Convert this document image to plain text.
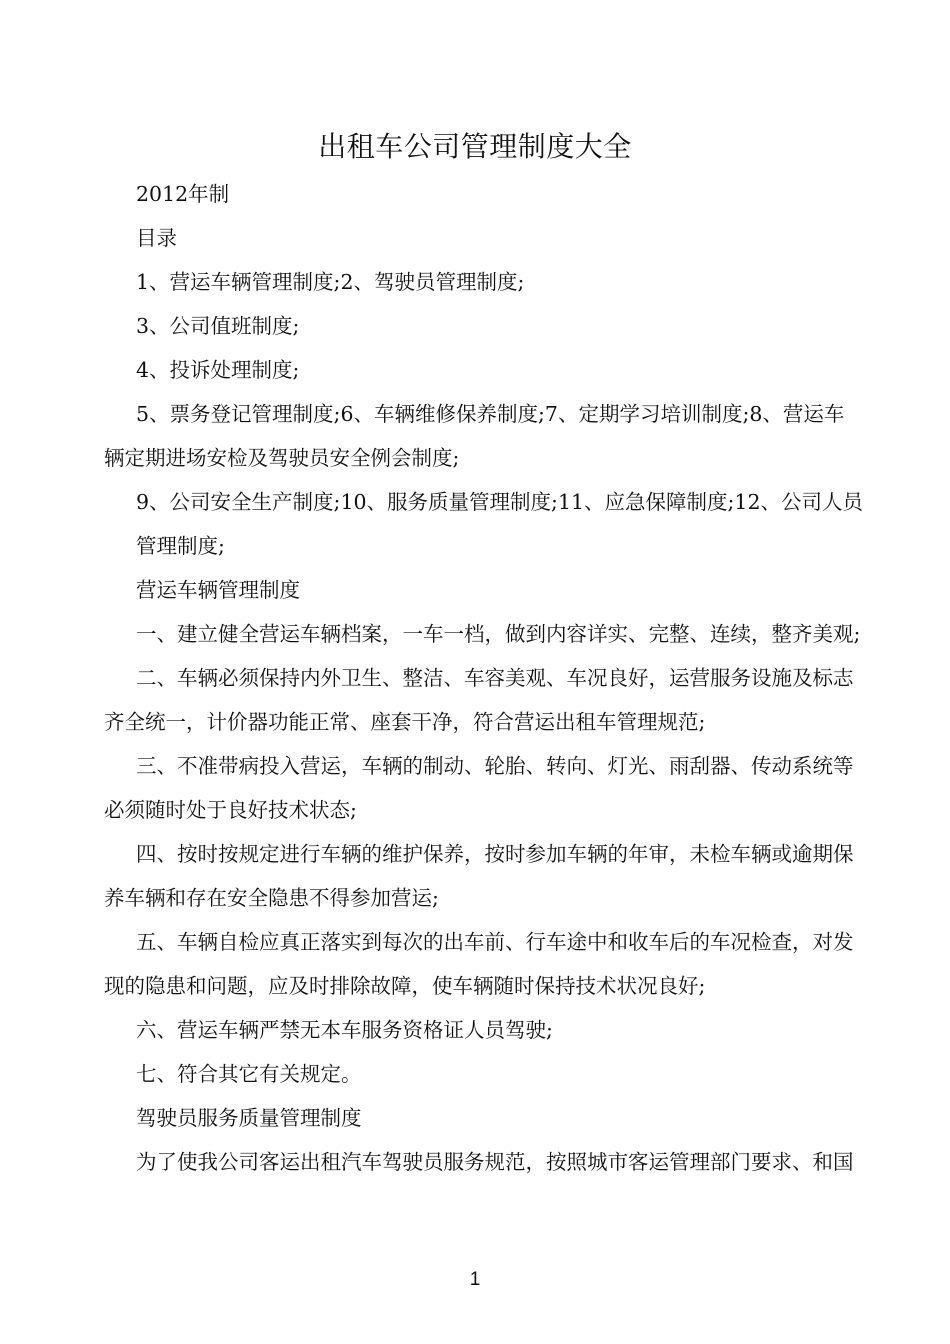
出租车公司管理制度大全
2012年制
目录
1、营运车辆管理制度;2、驾驶员管理制度;
3、公司值班制度;
4、投诉处理制度;
5、票务登记管理制度;6、车辆维修保养制度;7、定期学习培训制度;8、营运车
辆定期进场安检及驾驶员安全例会制度;
9、公司安全生产制度;10、服务质量管理制度;11、应急保障制度;12、公司人员
管理制度;
营运车辆管理制度
一、建立健全营运车辆档案，一车一档，做到内容详实、完整、连续，整齐美观;
二、车辆必须保持内外卫生、整洁、车容美观、车况良好，运营服务设施及标志
齐全统一，计价器功能正常、座套干净，符合营运出租车管理规范;
三、不准带病投入营运，车辆的制动、轮胎、转向、灯光、雨刮器、传动系统等
必须随时处于良好技术状态;
四、按时按规定进行车辆的维护保养，按时参加车辆的年审，未检车辆或逾期保
养车辆和存在安全隐患不得参加营运;
五、车辆自检应真正落实到每次的出车前、行车途中和收车后的车况检查，对发
现的隐患和问题，应及时排除故障，使车辆随时保持技术状况良好;
六、营运车辆严禁无本车服务资格证人员驾驶;
七、符合其它有关规定。
驾驶员服务质量管理制度
为了使我公司客运出租汽车驾驶员服务规范，按照城市客运管理部门要求、和国
1
